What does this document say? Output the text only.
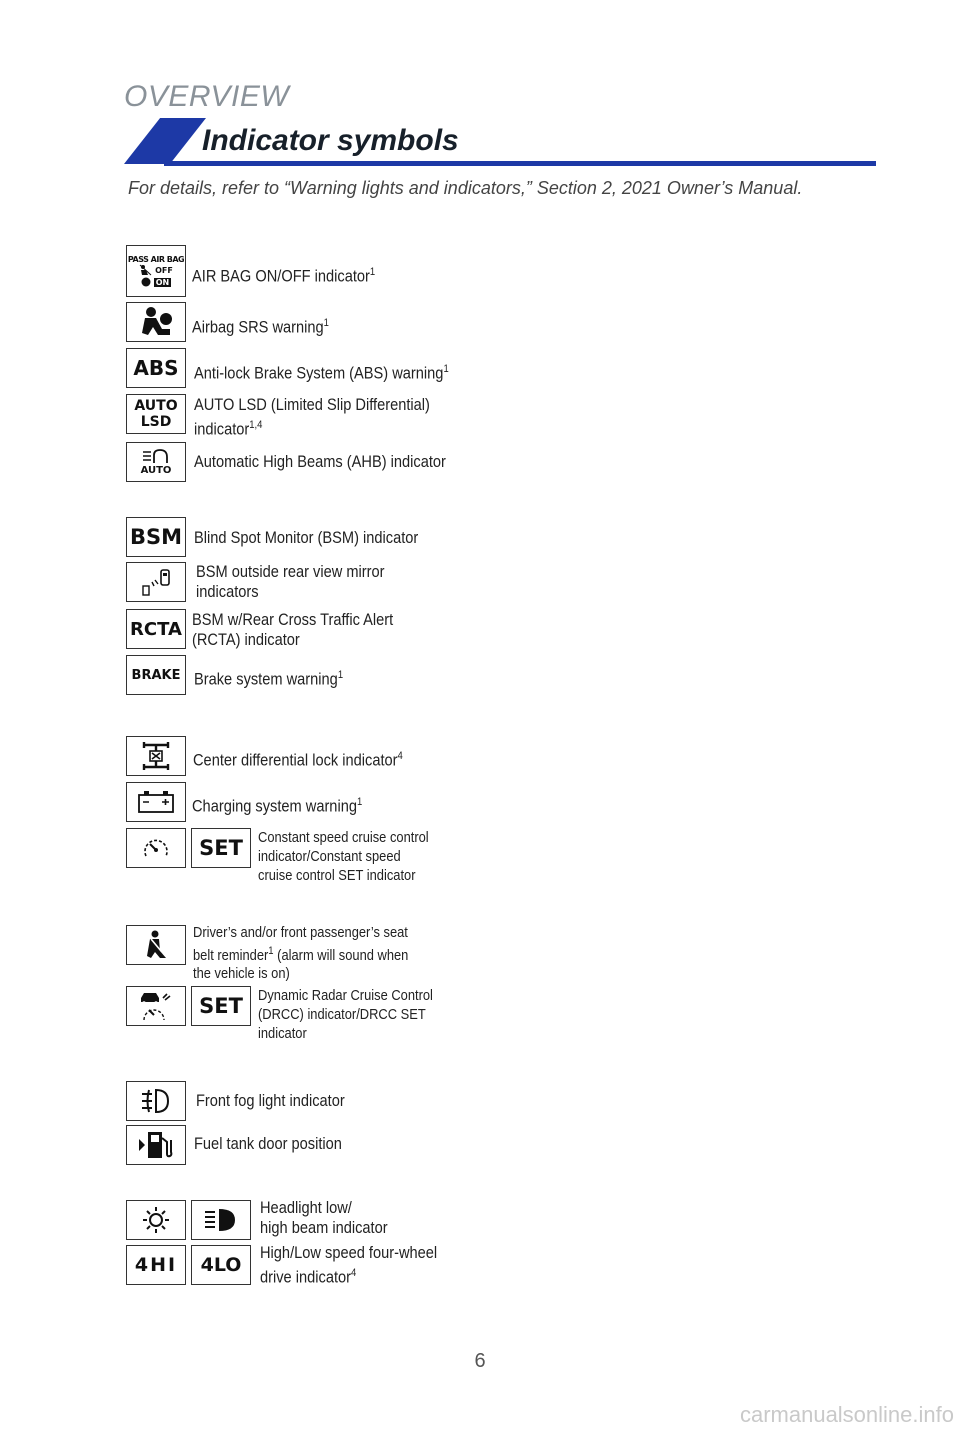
OVERVIEW
Indicator symbols
For details, refer to “Warning lights and indicators,” Section 2, 2021 Owner’s Manual.
PASS AIR BAG
OFF
ON AIR BAG ON/OFF indicator$^1$
Airbag SRS warning$^1$
ABS Anti-lock Brake System (ABS) warning$^1$
AUTO
LSD
AUTO LSD (Limited Slip Differential)
indicator$^{1,4}$
AUTO Automatic High Beams (AHB) indicator
BSM Blind Spot Monitor (BSM) indicator
BSM outside rear view mirror
indicators
RCTA BSM w/Rear Cross Traffic Alert
(RCTA) indicator
BRAKE Brake system warning$^1$
Center differential lock indicator$^4$
Charging system warning$^1$
SET Constant speed cruise control
indicator/Constant speed
cruise control SET indicator
Driver’s and/or front passenger’s seat
belt reminder$^1$ (alarm will sound when
the vehicle is on)
SET Dynamic Radar Cruise Control
(DRCC) indicator/DRCC SET
indicator
Front fog light indicator
Fuel tank door position
Headlight low/
high beam indicator
4HI 4LO
High/Low speed four-wheel
drive indicator$^4$
6
carmanualsonline.info
